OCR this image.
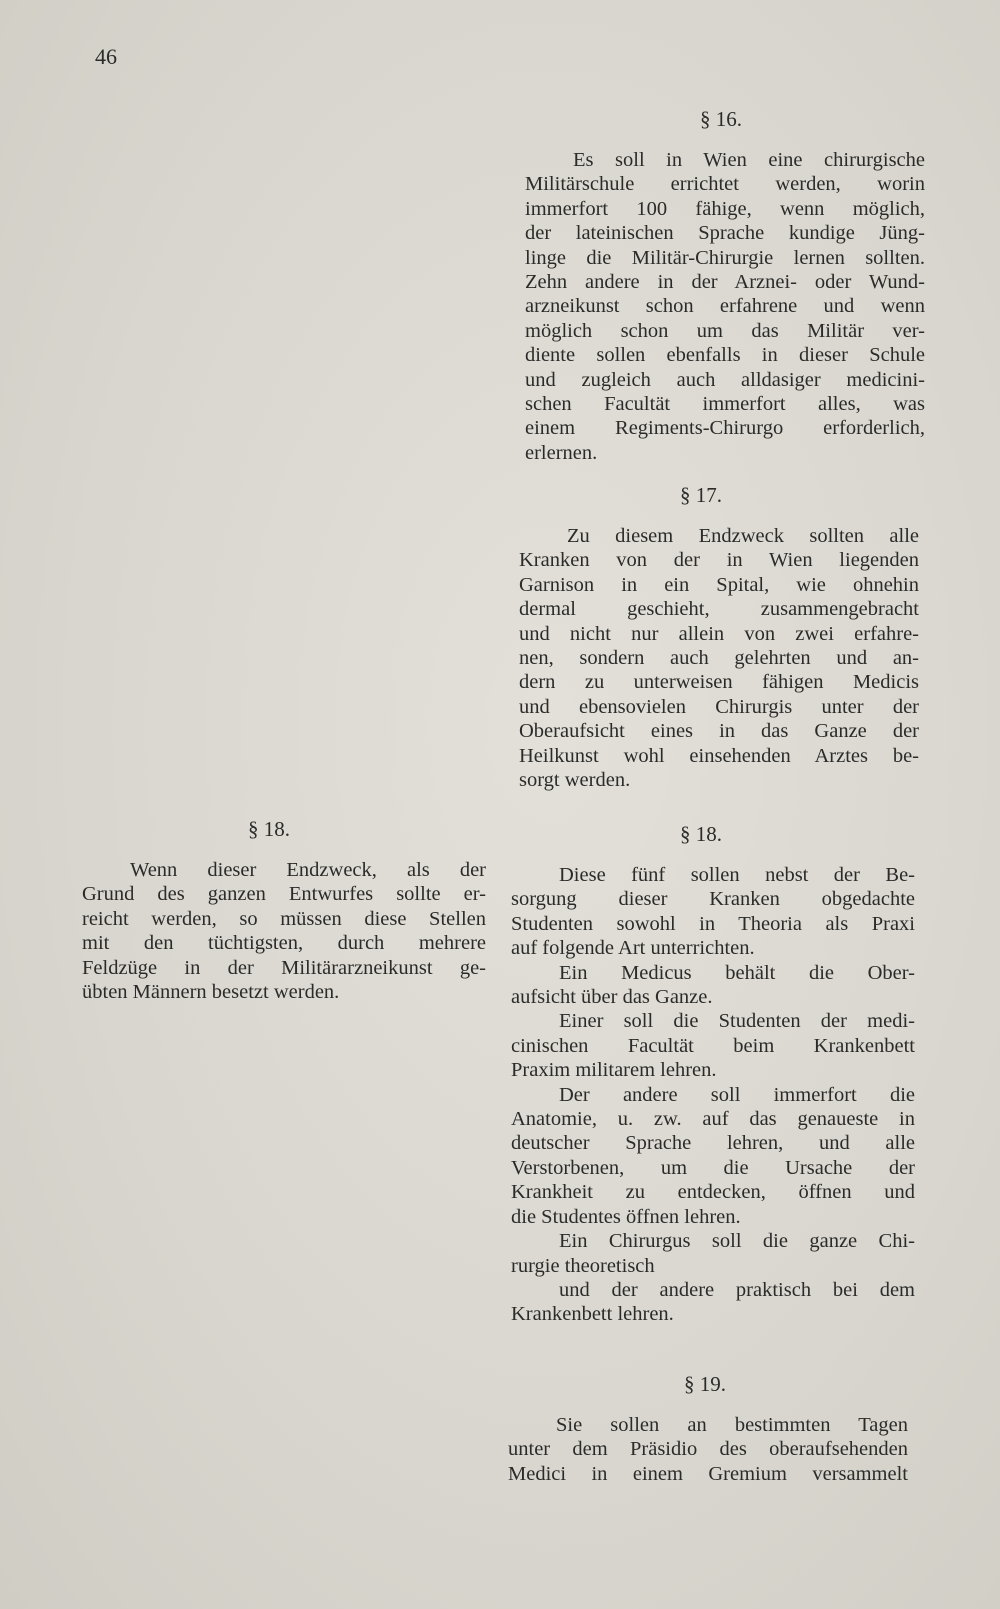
46
§ 18.
Wenn dieser Endzweck, als der
Grund des ganzen Entwurfes sollte er-
reicht werden, so müssen diese Stellen
mit den tüchtigsten, durch mehrere
Feldzüge in der Militärarzneikunst ge-
übten Männern besetzt werden.
§ 16.
Es soll in Wien eine chirurgische
Militärschule errichtet werden, worin
immerfort 100 fähige, wenn möglich,
der lateinischen Sprache kundige Jüng-
linge die Militär-Chirurgie lernen sollten.
Zehn andere in der Arznei- oder Wund-
arzneikunst schon erfahrene und wenn
möglich schon um das Militär ver-
diente sollen ebenfalls in dieser Schule
und zugleich auch alldasiger medicini-
schen Facultät immerfort alles, was
einem Regiments-Chirurgo erforderlich,
erlernen.
§ 17.
Zu diesem Endzweck sollten alle
Kranken von der in Wien liegenden
Garnison in ein Spital, wie ohnehin
dermal geschieht, zusammengebracht
und nicht nur allein von zwei erfahre-
nen, sondern auch gelehrten und an-
dern zu unterweisen fähigen Medicis
und ebensovielen Chirurgis unter der
Oberaufsicht eines in das Ganze der
Heilkunst wohl einsehenden Arztes be-
sorgt werden.
§ 18.
Diese fünf sollen nebst der Be-
sorgung dieser Kranken obgedachte
Studenten sowohl in Theoria als Praxi
auf folgende Art unterrichten.
Ein Medicus behält die Ober-
aufsicht über das Ganze.
Einer soll die Studenten der medi-
cinischen Facultät beim Krankenbett
Praxim militarem lehren.
Der andere soll immerfort die
Anatomie, u. zw. auf das genaueste in
deutscher Sprache lehren, und alle
Verstorbenen, um die Ursache der
Krankheit zu entdecken, öffnen und
die Studentes öffnen lehren.
Ein Chirurgus soll die ganze Chi-
rurgie theoretisch
und der andere praktisch bei dem
Krankenbett lehren.
§ 19.
Sie sollen an bestimmten Tagen
unter dem Präsidio des oberaufsehenden
Medici in einem Gremium versammelt
